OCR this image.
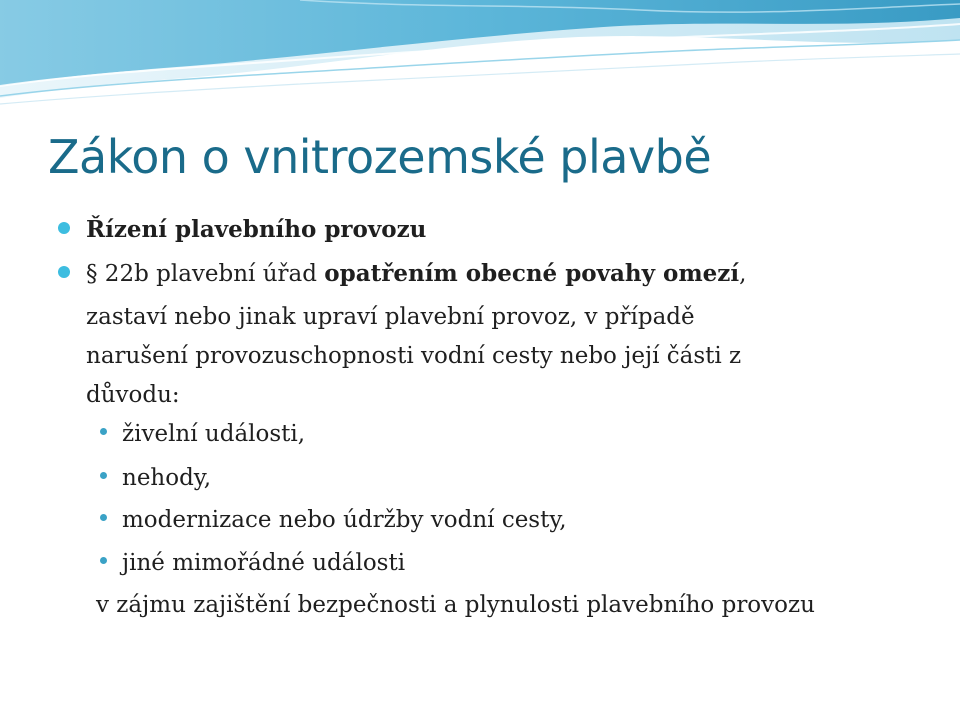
Zákon o vnitrozemské plavbě
Řízení plavebního provozu
§ 22b plavební úřad opatřením obecné povahy omezí,
zastaví nebo jinak upraví plavební provoz, v případě
narušení provozuschopnosti vodní cesty nebo její části z
důvodu:
živelní události,
nehody,
modernizace nebo údržby vodní cesty,
jiné mimořádné události
v zájmu zajištění bezpečnosti a plynulosti plavebního provozu
